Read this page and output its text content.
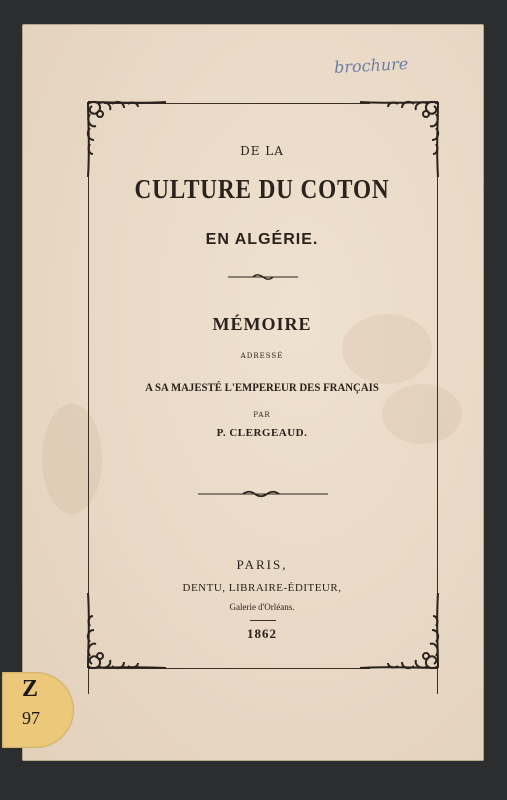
brochure
DE LA
CULTURE DU COTON
EN ALGÉRIE.
MÉMOIRE
ADRESSÉ
A SA MAJESTÉ L'EMPEREUR DES FRANÇAIS
PAR
P. CLERGEAUD.
PARIS,
DENTU, LIBRAIRE-ÉDITEUR,
Galerie d'Orléans.
1862
Z
97
